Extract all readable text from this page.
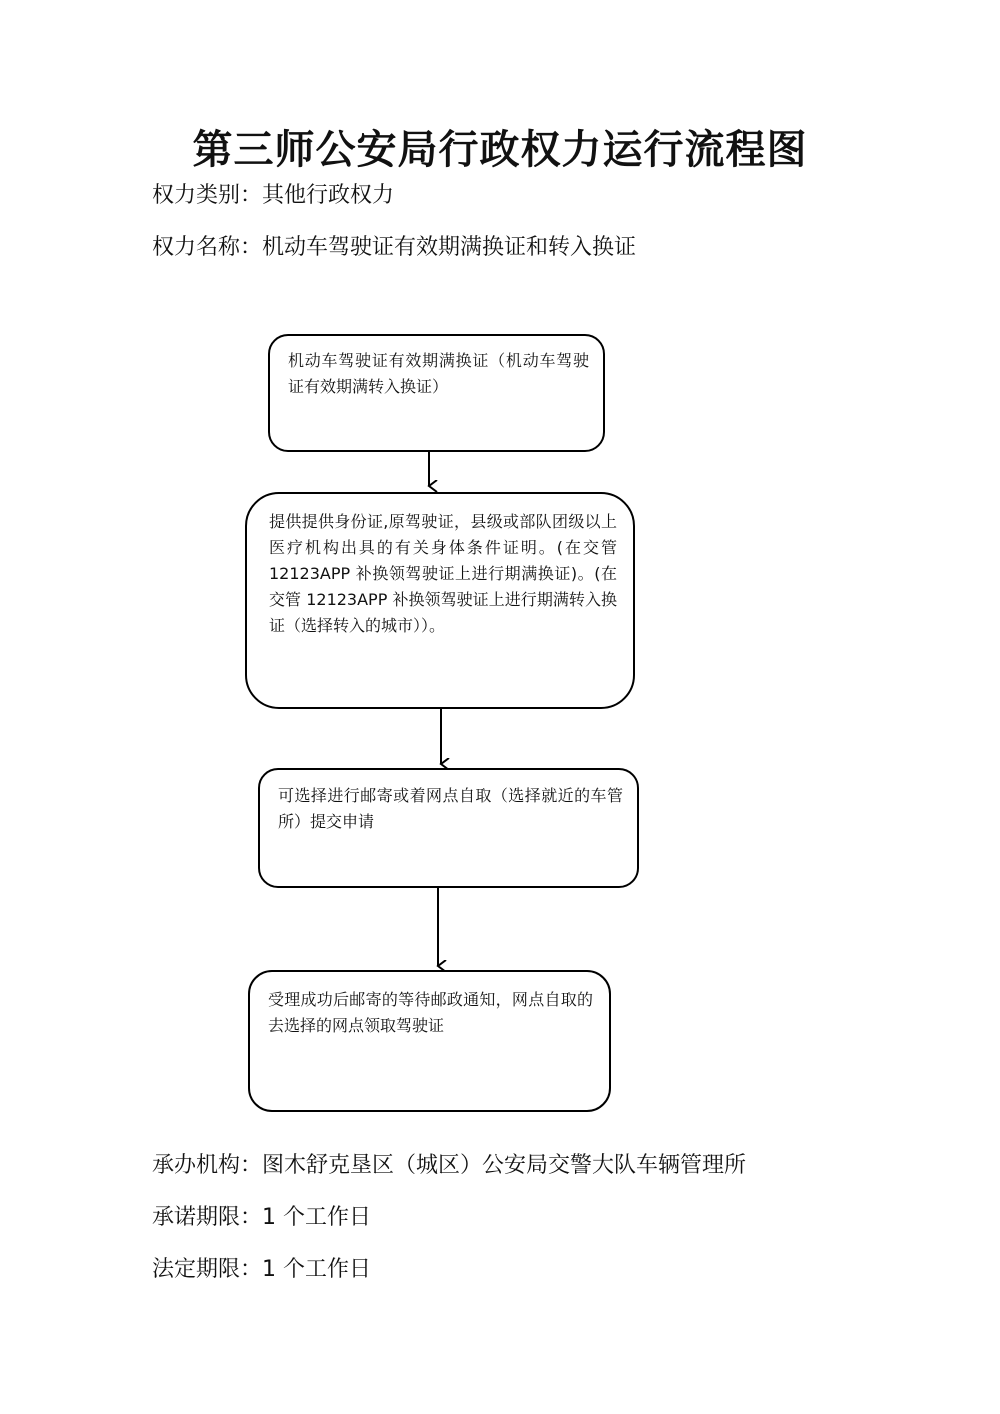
第三师公安局行政权力运行流程图
权力类别：其他行政权力
权力名称：机动车驾驶证有效期满换证和转入换证
机动车驾驶证有效期满换证（机动车驾驶证有效期满转入换证）
提供提供身份证,原驾驶证，县级或部队团级以上医疗机构出具的有关身体条件证明。(在交管 12123APP 补换领驾驶证上进行期满换证)。(在交管 12123APP 补换领驾驶证上进行期满转入换证（选择转入的城市））。
可选择进行邮寄或着网点自取（选择就近的车管所）提交申请
受理成功后邮寄的等待邮政通知，网点自取的去选择的网点领取驾驶证
承办机构：图木舒克垦区（城区）公安局交警大队车辆管理所
承诺期限：1 个工作日
法定期限：1 个工作日
